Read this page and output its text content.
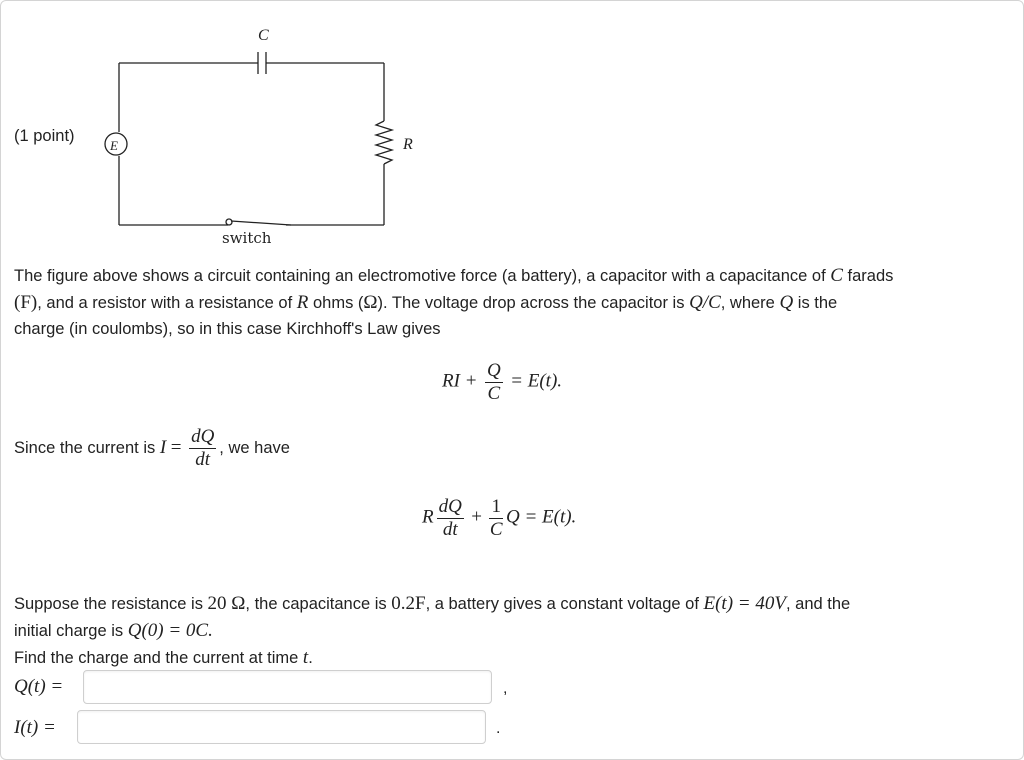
(1 point)
C
E	R
switch
The figure above shows a circuit containing an electromotive force (a battery), a capacitor with a capacitance of C farads
(F), and a resistor with a resistance of R ohms (Ω). The voltage drop across the capacitor is Q/C, where Q is the
charge (in coulombs), so in this case Kirchhoff's Law gives
RI + $\frac{Q}{C} = E(t)$.
Since the current is $I = \frac{dQ}{dt}$ , we have
R $\frac{dQ}{dt} + \frac{1}{C}$ Q = E(t).
Suppose the resistance is 20 Ω, the capacitance is 0.2F, a battery gives a constant voltage of E(t) = 40V, and the
initial charge is Q(0) = 0C.
Find the charge and the current at time t.
Q(t) =	,
I(t) =	.
